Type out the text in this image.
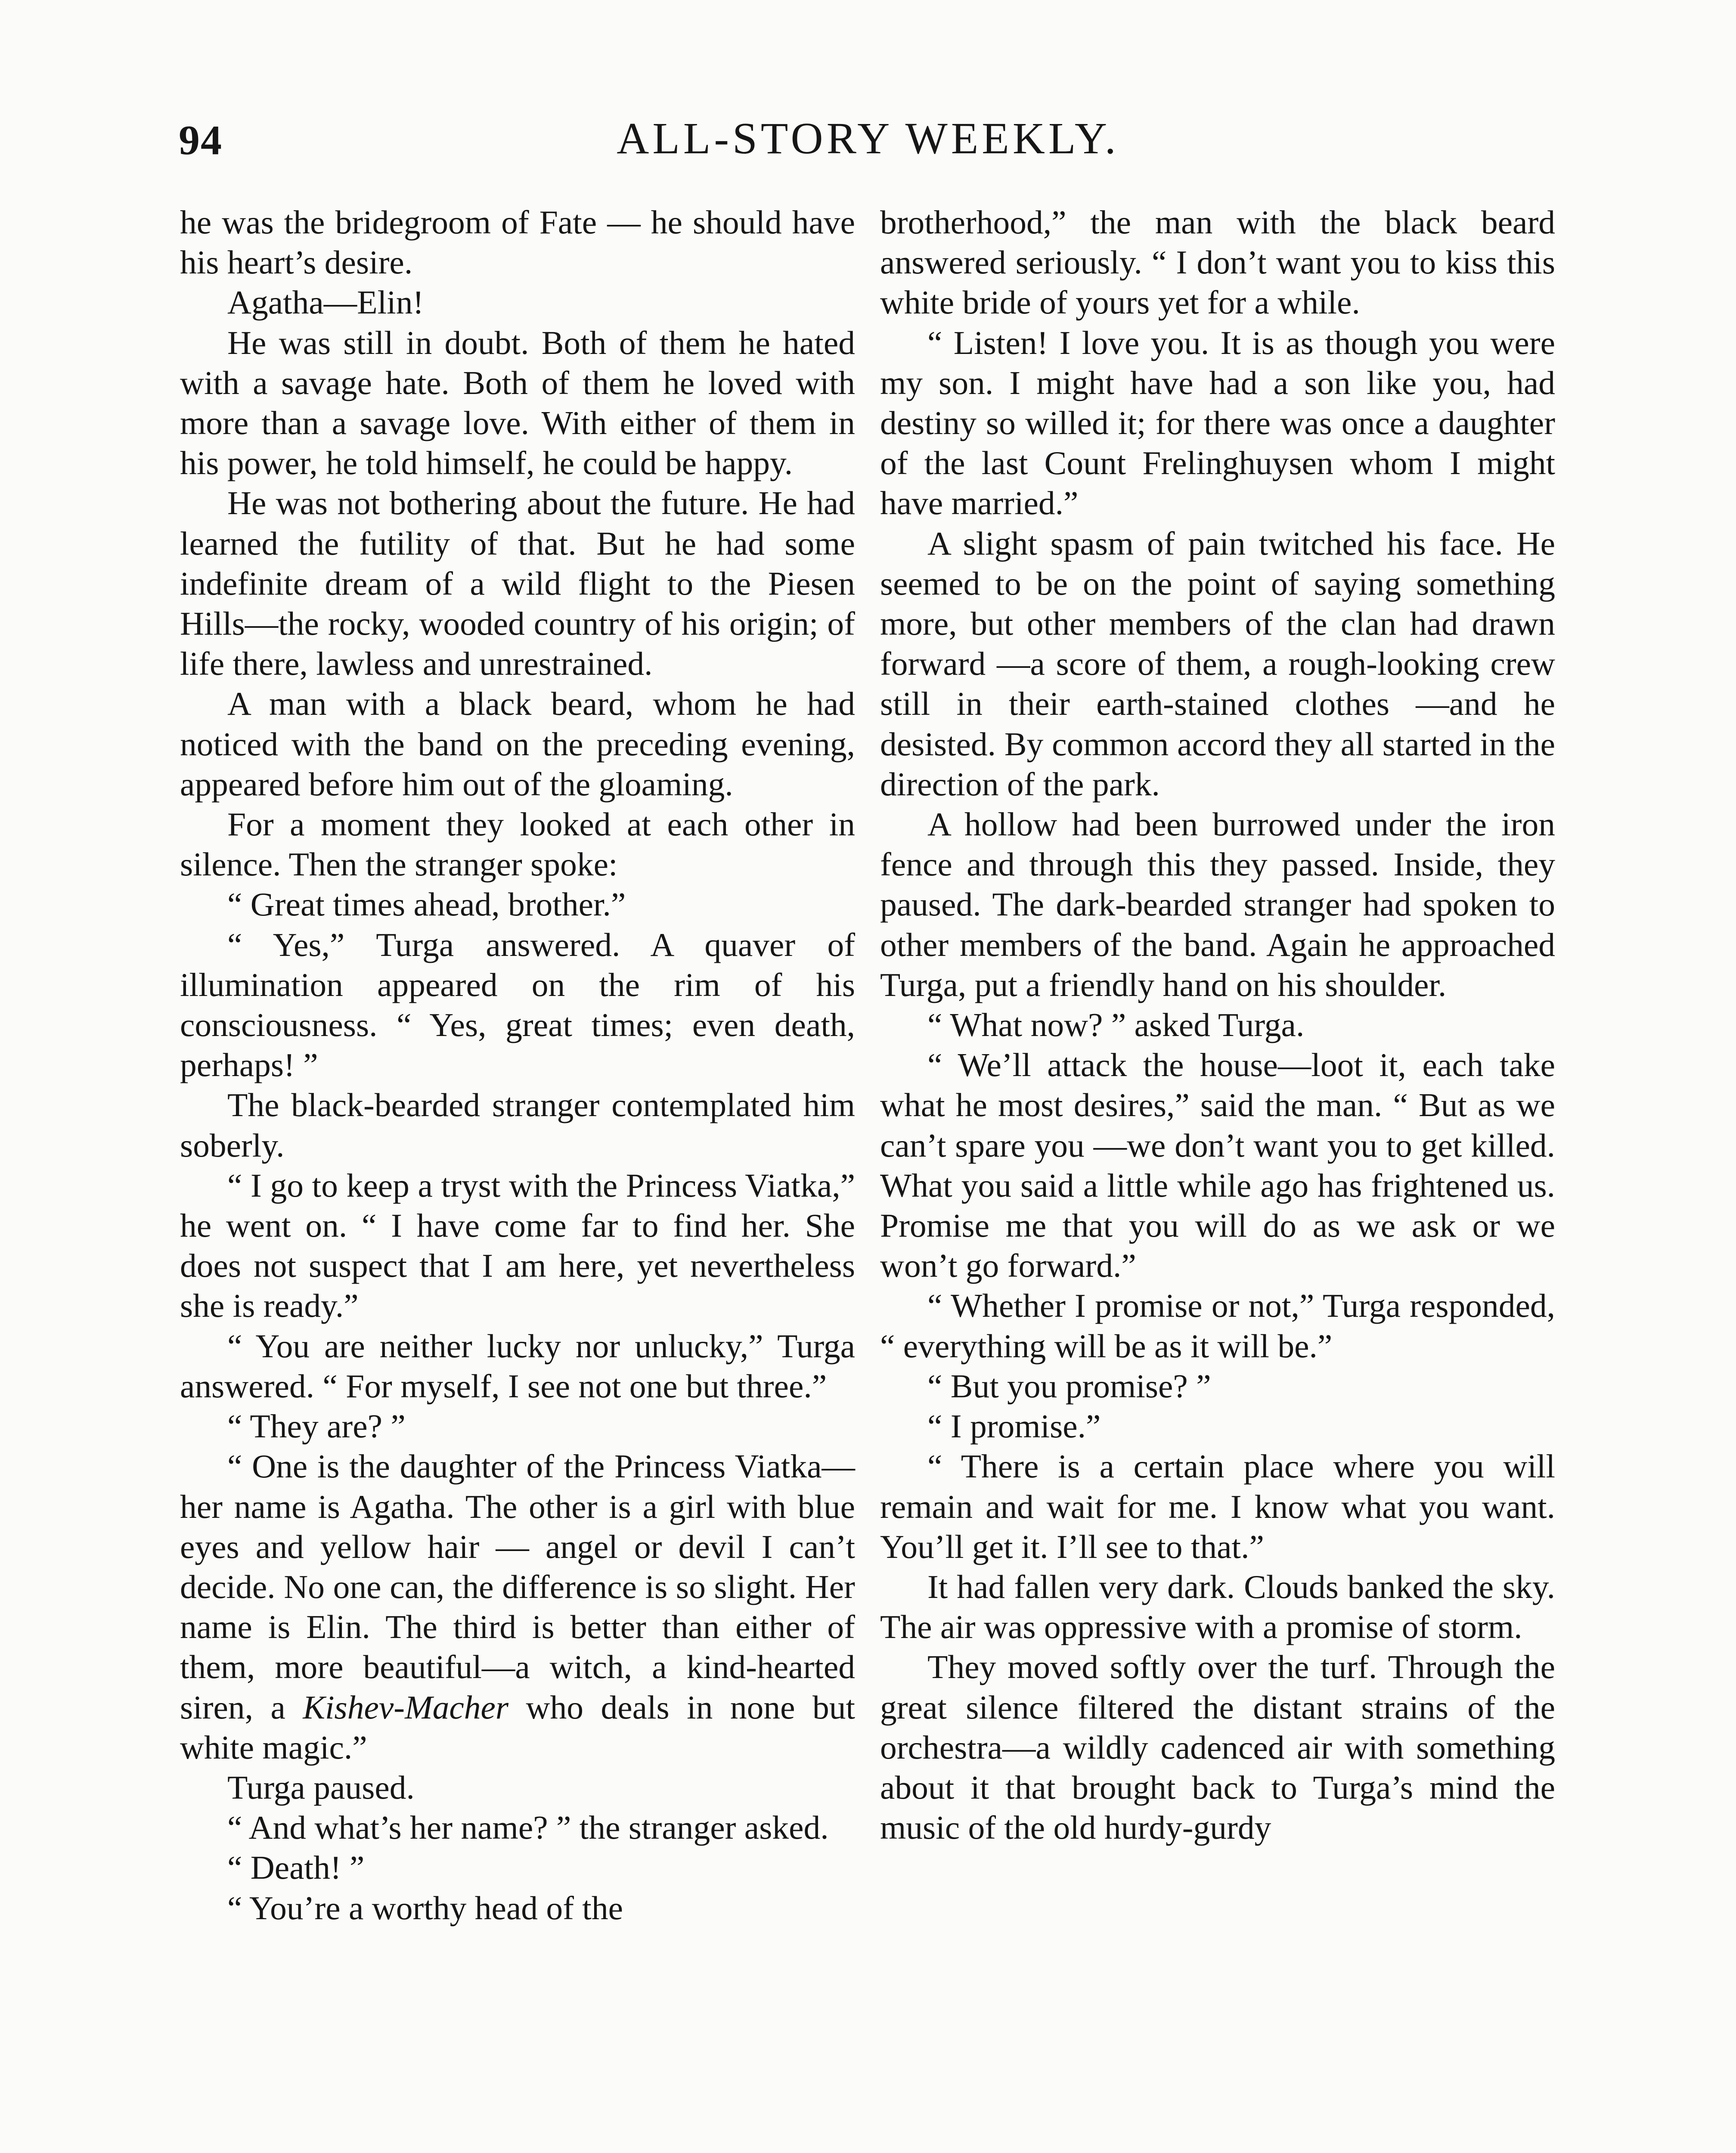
94	ALL-STORY WEEKLY.

he was the bridegroom of Fate — he should have his heart’s desire.

Agatha—Elin!

He was still in doubt. Both of them he hated with a savage hate. Both of them he loved with more than a savage love. With either of them in his power, he told himself, he could be happy.

He was not bothering about the future. He had learned the futility of that. But he had some indefinite dream of a wild flight to the Piesen Hills—the rocky, wooded country of his origin; of life there, lawless and unrestrained.

A man with a black beard, whom he had noticed with the band on the preceding evening, appeared before him out of the gloaming.

For a moment they looked at each other in silence. Then the stranger spoke:

“ Great times ahead, brother.”

“ Yes,” Turga answered. A quaver of illumination appeared on the rim of his consciousness. “ Yes, great times; even death, perhaps! ”

The black-bearded stranger contemplated him soberly.

“ I go to keep a tryst with the Princess Viatka,” he went on. “ I have come far to find her. She does not suspect that I am here, yet nevertheless she is ready.”

“ You are neither lucky nor unlucky,” Turga answered. “ For myself, I see not one but three.”

“ They are? ”

“ One is the daughter of the Princess Viatka—her name is Agatha. The other is a girl with blue eyes and yellow hair — angel or devil I can’t decide. No one can, the difference is so slight. Her name is Elin. The third is better than either of them, more beautiful—a witch, a kind-hearted siren, a Kishev-Macher who deals in none but white magic.”

Turga paused.

“ And what’s her name? ” the stranger asked.

“ Death! ”

“ You’re a worthy head of the

brotherhood,” the man with the black beard answered seriously. “ I don’t want you to kiss this white bride of yours yet for a while.

“ Listen! I love you. It is as though you were my son. I might have had a son like you, had destiny so willed it; for there was once a daughter of the last Count Frelinghuysen whom I might have married.”

A slight spasm of pain twitched his face. He seemed to be on the point of saying something more, but other members of the clan had drawn forward —a score of them, a rough-looking crew still in their earth-stained clothes —and he desisted. By common accord they all started in the direction of the park.

A hollow had been burrowed under the iron fence and through this they passed. Inside, they paused. The dark-bearded stranger had spoken to other members of the band. Again he approached Turga, put a friendly hand on his shoulder.

“ What now? ” asked Turga.

“ We’ll attack the house—loot it, each take what he most desires,” said the man. “ But as we can’t spare you —we don’t want you to get killed. What you said a little while ago has frightened us. Promise me that you will do as we ask or we won’t go forward.”

“ Whether I promise or not,” Turga responded, “ everything will be as it will be.”

“ But you promise? ”

“ I promise.”

“ There is a certain place where you will remain and wait for me. I know what you want. You’ll get it. I’ll see to that.”

It had fallen very dark. Clouds banked the sky. The air was oppressive with a promise of storm.

They moved softly over the turf. Through the great silence filtered the distant strains of the orchestra—a wildly cadenced air with something about it that brought back to Turga’s mind the music of the old hurdy-gurdy
